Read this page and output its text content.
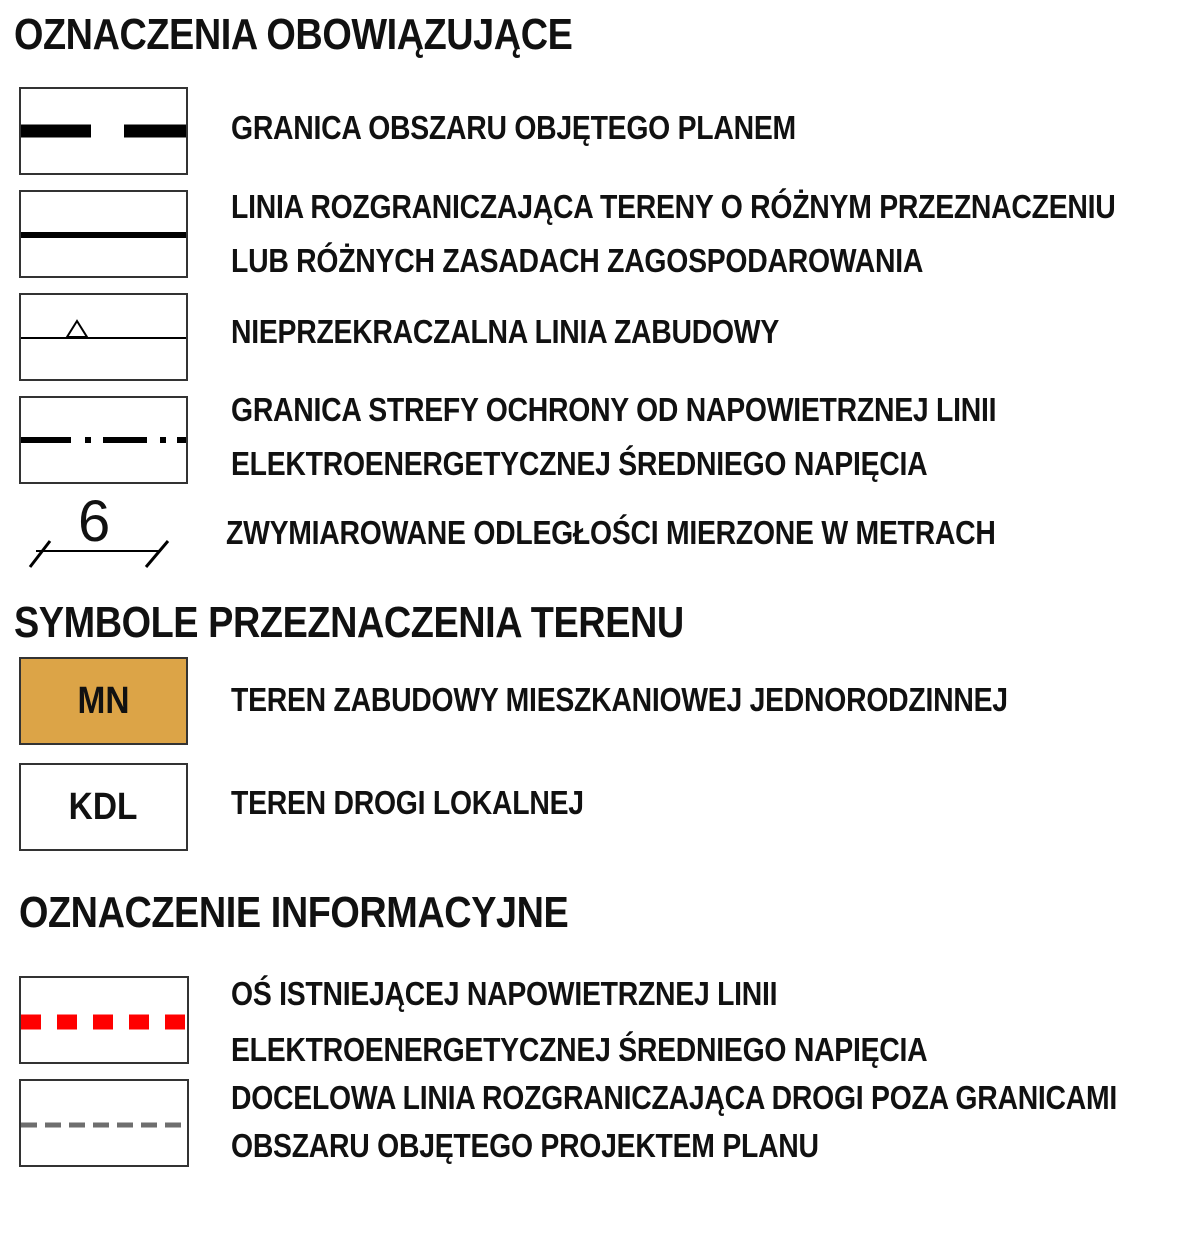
OZNACZENIA OBOWIĄZUJĄCE
GRANICA OBSZARU OBJĘTEGO PLANEM
LINIA ROZGRANICZAJĄCA TERENY O RÓŻNYM PRZEZNACZENIU
LUB RÓŻNYCH ZASADACH ZAGOSPODAROWANIA
NIEPRZEKRACZALNA LINIA ZABUDOWY
GRANICA STREFY OCHRONY OD NAPOWIETRZNEJ LINII
ELEKTROENERGETYCZNEJ ŚREDNIEGO NAPIĘCIA
6	ZWYMIAROWANE ODLEGŁOŚCI MIERZONE W METRACH
SYMBOLE PRZEZNACZENIA TERENU
MN	TEREN ZABUDOWY MIESZKANIOWEJ JEDNORODZINNEJ
KDL	TEREN DROGI LOKALNEJ
OZNACZENIE INFORMACYJNE
OŚ ISTNIEJĄCEJ NAPOWIETRZNEJ LINII
ELEKTROENERGETYCZNEJ ŚREDNIEGO NAPIĘCIA
DOCELOWA LINIA ROZGRANICZAJĄCA DROGI POZA GRANICAMI
OBSZARU OBJĘTEGO PROJEKTEM PLANU
